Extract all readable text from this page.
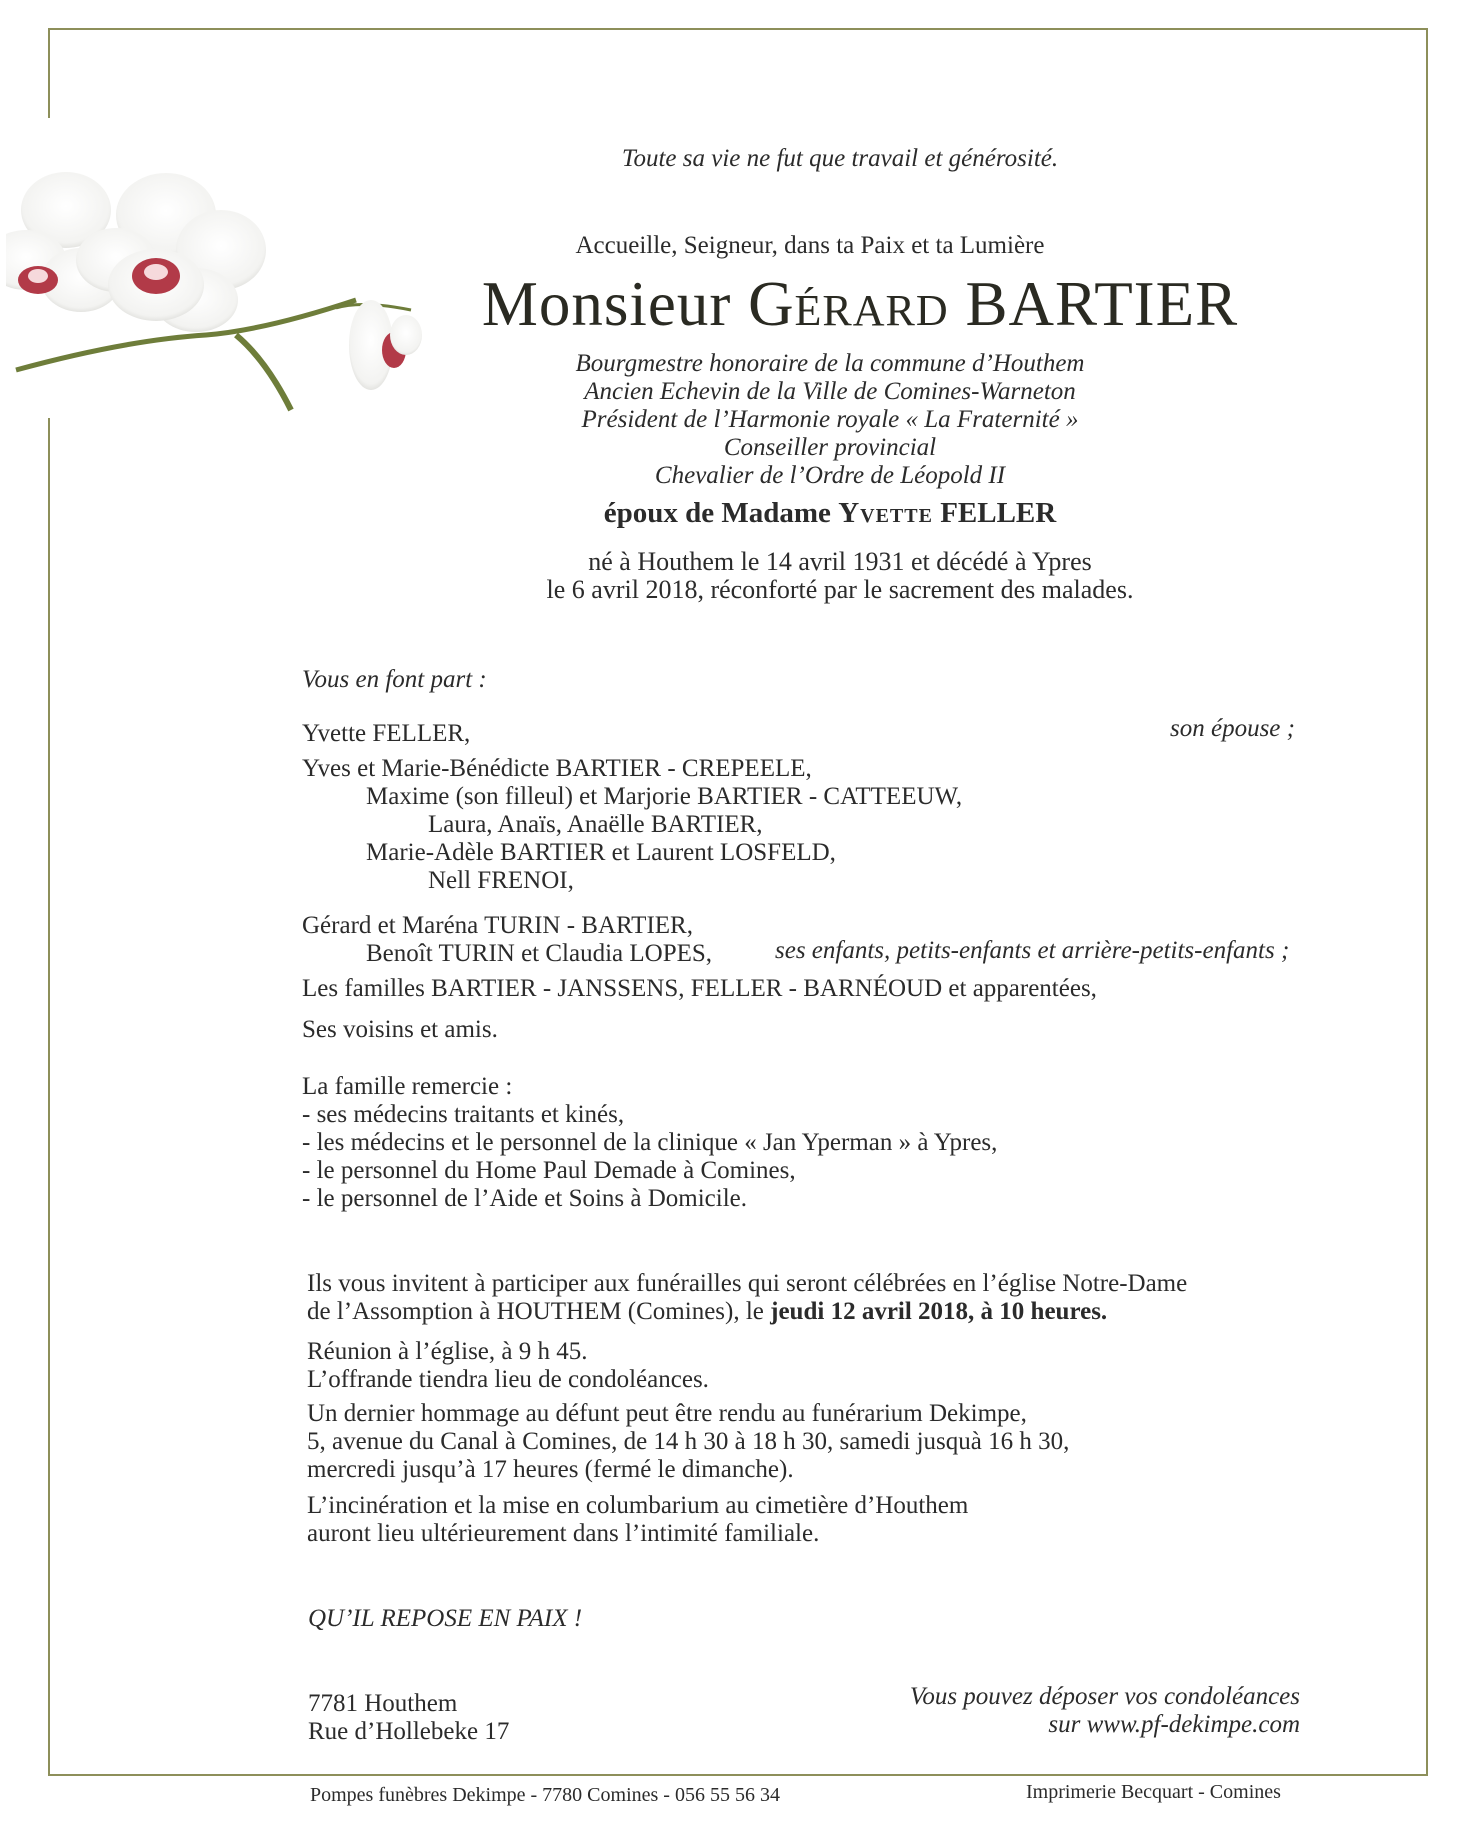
Toute sa vie ne fut que travail et générosité.
Accueille, Seigneur, dans ta Paix et ta Lumière
Monsieur Gérard BARTIER
Bourgmestre honoraire de la commune d’Houthem
Ancien Echevin de la Ville de Comines-Warneton
Président de l’Harmonie royale « La Fraternité »
Conseiller provincial
Chevalier de l’Ordre de Léopold II
époux de Madame Yvette FELLER
né à Houthem le 14 avril 1931 et décédé à Ypres
le 6 avril 2018, réconforté par le sacrement des malades.
Vous en font part :
Yvette FELLER,	son épouse ;
Yves et Marie-Bénédicte BARTIER - CREPEELE,
Maxime (son filleul) et Marjorie BARTIER - CATTEEUW,
Laura, Anaïs, Anaëlle BARTIER,
Marie-Adèle BARTIER et Laurent LOSFELD,
Nell FRENOI,
Gérard et Maréna TURIN - BARTIER,
Benoît TURIN et Claudia LOPES,	ses enfants, petits-enfants et arrière-petits-enfants ;
Les familles BARTIER - JANSSENS, FELLER - BARNÉOUD et apparentées,
Ses voisins et amis.
La famille remercie :
- ses médecins traitants et kinés,
- les médecins et le personnel de la clinique « Jan Yperman » à Ypres,
- le personnel du Home Paul Demade à Comines,
- le personnel de l’Aide et Soins à Domicile.
Ils vous invitent à participer aux funérailles qui seront célébrées en l’église Notre-Dame
de l’Assomption à HOUTHEM (Comines), le jeudi 12 avril 2018, à 10 heures.
Réunion à l’église, à 9 h 45.
L’offrande tiendra lieu de condoléances.
Un dernier hommage au défunt peut être rendu au funérarium Dekimpe,
5, avenue du Canal à Comines, de 14 h 30 à 18 h 30, samedi jusquà 16 h 30,
mercredi jusqu’à 17 heures (fermé le dimanche).
L’incinération et la mise en columbarium au cimetière d’Houthem
auront lieu ultérieurement dans l’intimité familiale.
QU’IL REPOSE EN PAIX !
7781 Houthem
Rue d’Hollebeke 17
Vous pouvez déposer vos condoléances
sur www.pf-dekimpe.com
Pompes funèbres Dekimpe - 7780 Comines - 056 55 56 34	Imprimerie Becquart - Comines
